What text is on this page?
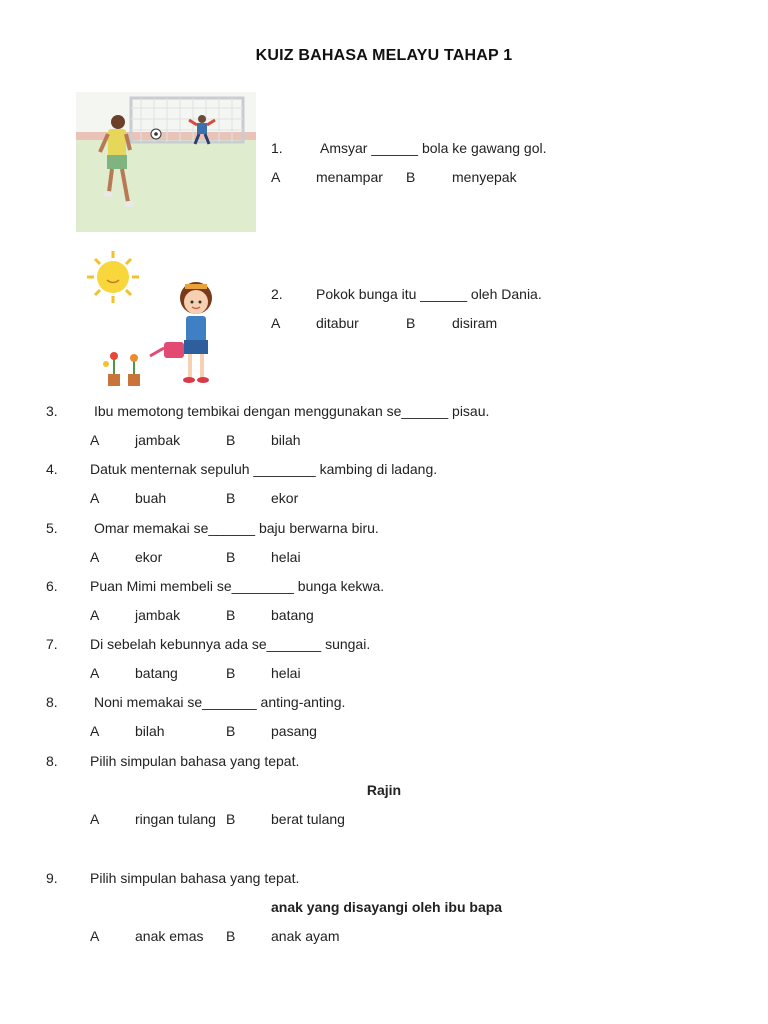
KUIZ BAHASA MELAYU TAHAP 1
1.	Amsyar ______ bola ke gawang gol.
A	menampar B	menyepak
2. Pokok bunga itu ______ oleh Dania.
A	ditabur	B	disiram
3.	Ibu memotong tembikai dengan menggunakan se______ pisau.
A	jambak	B	bilah
4. Datuk menternak sepuluh ________ kambing di ladang.
A	buah	B	ekor
5.	Omar memakai se______ baju berwarna biru.
A	ekor	B	helai
6. Puan Mimi membeli se________ bunga kekwa.
A	jambak	B	batang
7. Di sebelah kebunnya ada se_______ sungai.
A	batang	B	helai
8.	Noni memakai se_______ anting-anting.
A	bilah	B	pasang
8. Pilih simpulan bahasa yang tepat.
Rajin
A	ringan tulang B	berat tulang
9. Pilih simpulan bahasa yang tepat.
anak yang disayangi oleh ibu bapa
A	anak emas B	anak ayam
